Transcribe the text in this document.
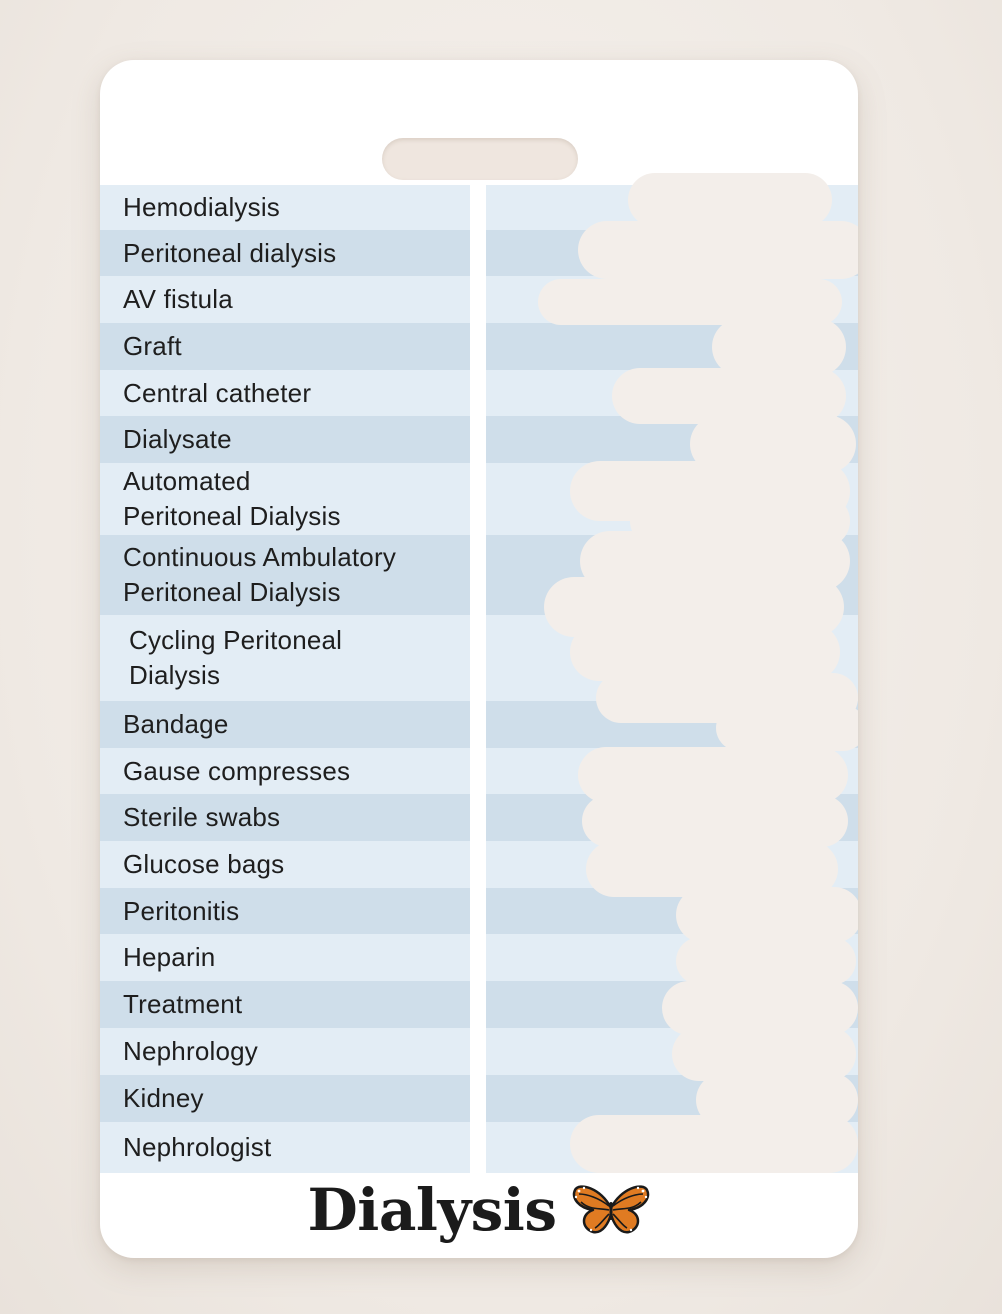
Hemodialysis
Peritoneal dialysis
AV fistula
Graft
Central catheter
Dialysate
Automated
Peritoneal Dialysis
Continuous Ambulatory
Peritoneal Dialysis
Cycling Peritoneal
Dialysis
Bandage
Gause compresses
Sterile swabs
Glucose bags
Peritonitis
Heparin
Treatment
Nephrology
Kidney
Nephrologist
Dialysis
